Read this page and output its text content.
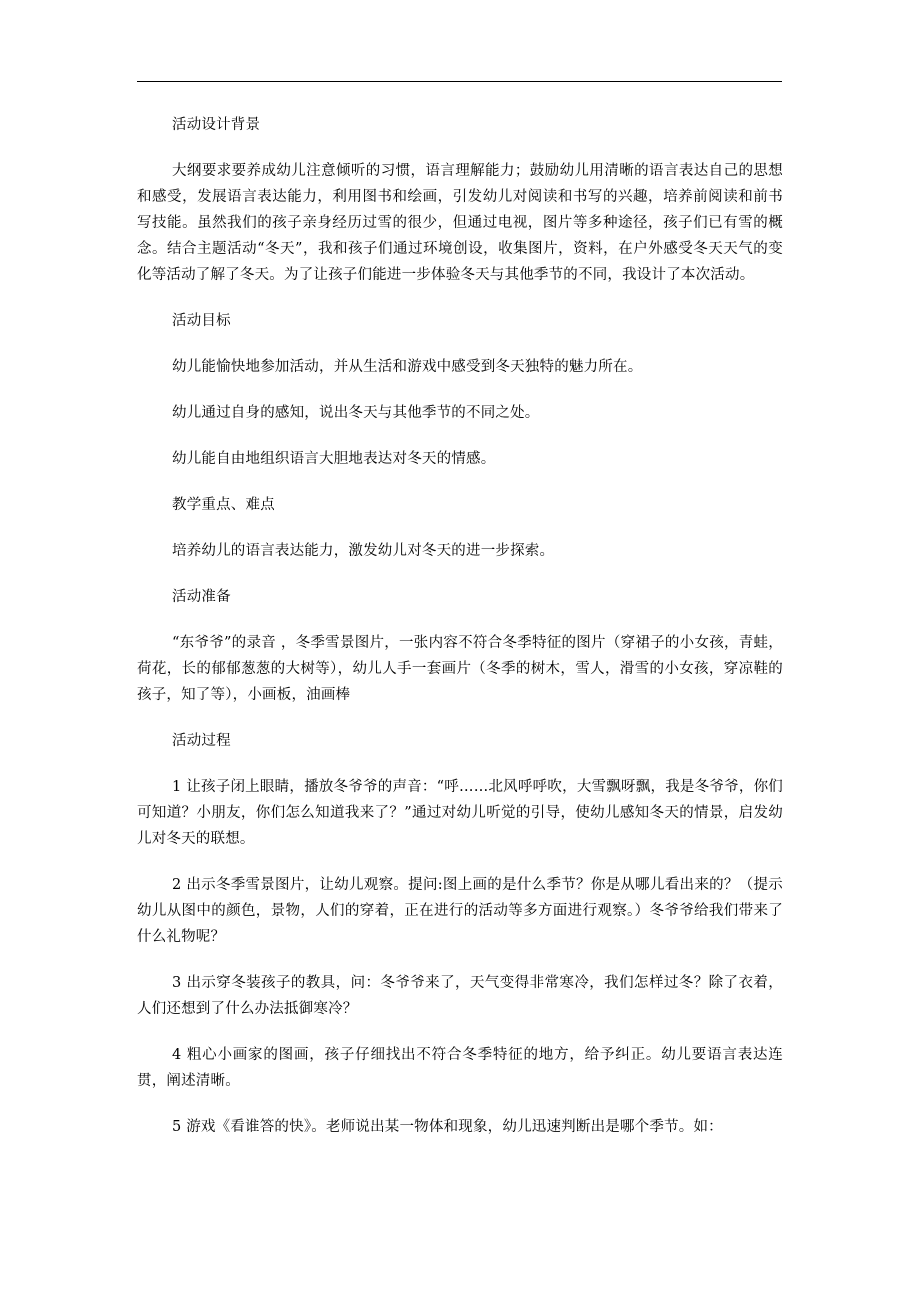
活动设计背景

大纲要求要养成幼儿注意倾听的习惯，语言理解能力；鼓励幼儿用清晰的语言表达自己的思想和感受，发展语言表达能力，利用图书和绘画，引发幼儿对阅读和书写的兴趣，培养前阅读和前书写技能。虽然我们的孩子亲身经历过雪的很少，但通过电视，图片等多种途径，孩子们已有雪的概念。结合主题活动“冬天”，我和孩子们通过环境创设，收集图片，资料，在户外感受冬天天气的变化等活动了解了冬天。为了让孩子们能进一步体验冬天与其他季节的不同，我设计了本次活动。

活动目标

幼儿能愉快地参加活动，并从生活和游戏中感受到冬天独特的魅力所在。

幼儿通过自身的感知，说出冬天与其他季节的不同之处。

幼儿能自由地组织语言大胆地表达对冬天的情感。

教学重点、难点

培养幼儿的语言表达能力，激发幼儿对冬天的进一步探索。

活动准备

“东爷爷”的录音 ，冬季雪景图片，一张内容不符合冬季特征的图片（穿裙子的小女孩，青蛙，荷花，长的郁郁葱葱的大树等），幼儿人手一套画片（冬季的树木，雪人，滑雪的小女孩，穿凉鞋的孩子，知了等），小画板，油画棒

活动过程

1 让孩子闭上眼睛，播放冬爷爷的声音：“呼……北风呼呼吹，大雪飘呀飘，我是冬爷爷，你们可知道？小朋友，你们怎么知道我来了？”通过对幼儿听觉的引导，使幼儿感知冬天的情景，启发幼儿对冬天的联想。

2 出示冬季雪景图片，让幼儿观察。提问:图上画的是什么季节？你是从哪儿看出来的？（提示幼儿从图中的颜色，景物，人们的穿着，正在进行的活动等多方面进行观察。）冬爷爷给我们带来了什么礼物呢？

3 出示穿冬装孩子的教具，问：冬爷爷来了，天气变得非常寒冷，我们怎样过冬？除了衣着，人们还想到了什么办法抵御寒冷？

4 粗心小画家的图画，孩子仔细找出不符合冬季特征的地方，给予纠正。幼儿要语言表达连贯，阐述清晰。

5 游戏《看谁答的快》。老师说出某一物体和现象，幼儿迅速判断出是哪个季节。如：
